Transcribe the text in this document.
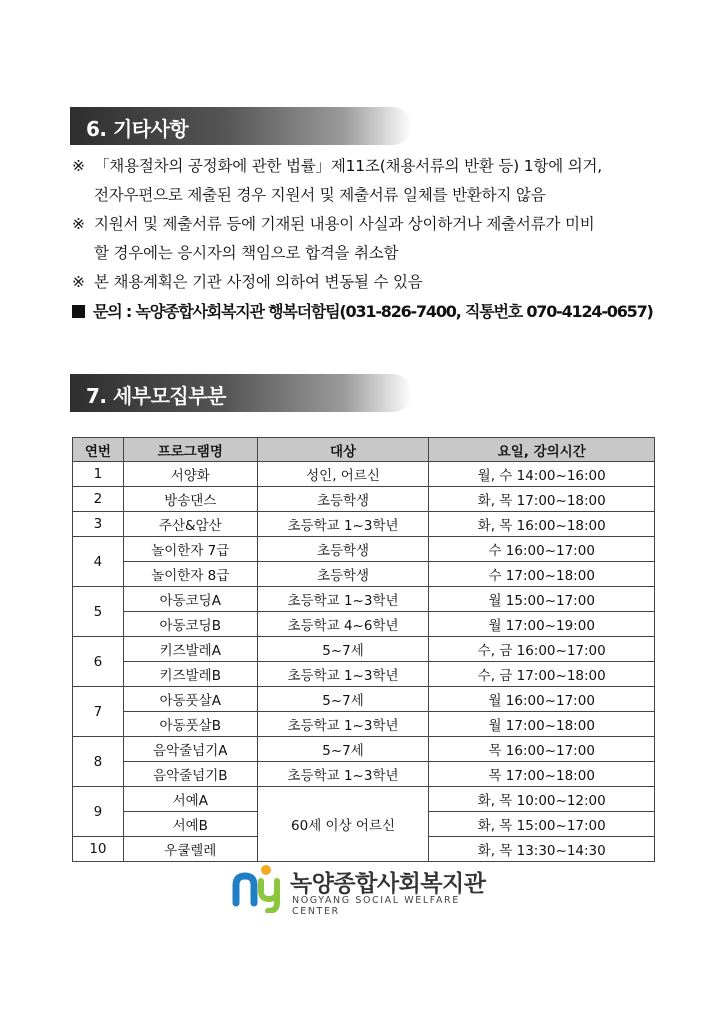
6. 기타사항
※ 「채용절차의 공정화에 관한 법률」제11조(채용서류의 반환 등) 1항에 의거,
전자우편으로 제출된 경우 지원서 및 제출서류 일체를 반환하지 않음
※ 지원서 및 제출서류 등에 기재된 내용이 사실과 상이하거나 제출서류가 미비
할 경우에는 응시자의 책임으로 합격을 취소함
※ 본 채용계획은 기관 사정에 의하여 변동될 수 있음
문의 : 녹양종합사회복지관 행복더함팀(031-826-7400, 직통번호 070-4124-0657)
7. 세부모집부분
연번	프로그램명	대상	요일, 강의시간
1	서양화	성인, 어르신	월, 수 14:00~16:00
2	방송댄스	초등학생	화, 목 17:00~18:00
3	주산&암산	초등학교 1~3학년	화, 목 16:00~18:00
4	놀이한자 7급	초등학생	수 16:00~17:00
	놀이한자 8급	초등학생	수 17:00~18:00
5	아동코딩A	초등학교 1~3학년	월 15:00~17:00
	아동코딩B	초등학교 4~6학년	월 17:00~19:00
6	키즈발레A	5~7세	수, 금 16:00~17:00
	키즈발레B	초등학교 1~3학년	수, 금 17:00~18:00
7	아동풋살A	5~7세	월 16:00~17:00
	아동풋살B	초등학교 1~3학년	월 17:00~18:00
8	음악줄넘기A	5~7세	목 16:00~17:00
	음악줄넘기B	초등학교 1~3학년	목 17:00~18:00
9	서예A	60세 이상 어르신	화, 목 10:00~12:00
	서예B		화, 목 15:00~17:00
10	우쿨렐레		화, 목 13:30~14:30
녹양종합사회복지관
NOGYANG SOCIAL WELFARE CENTER
